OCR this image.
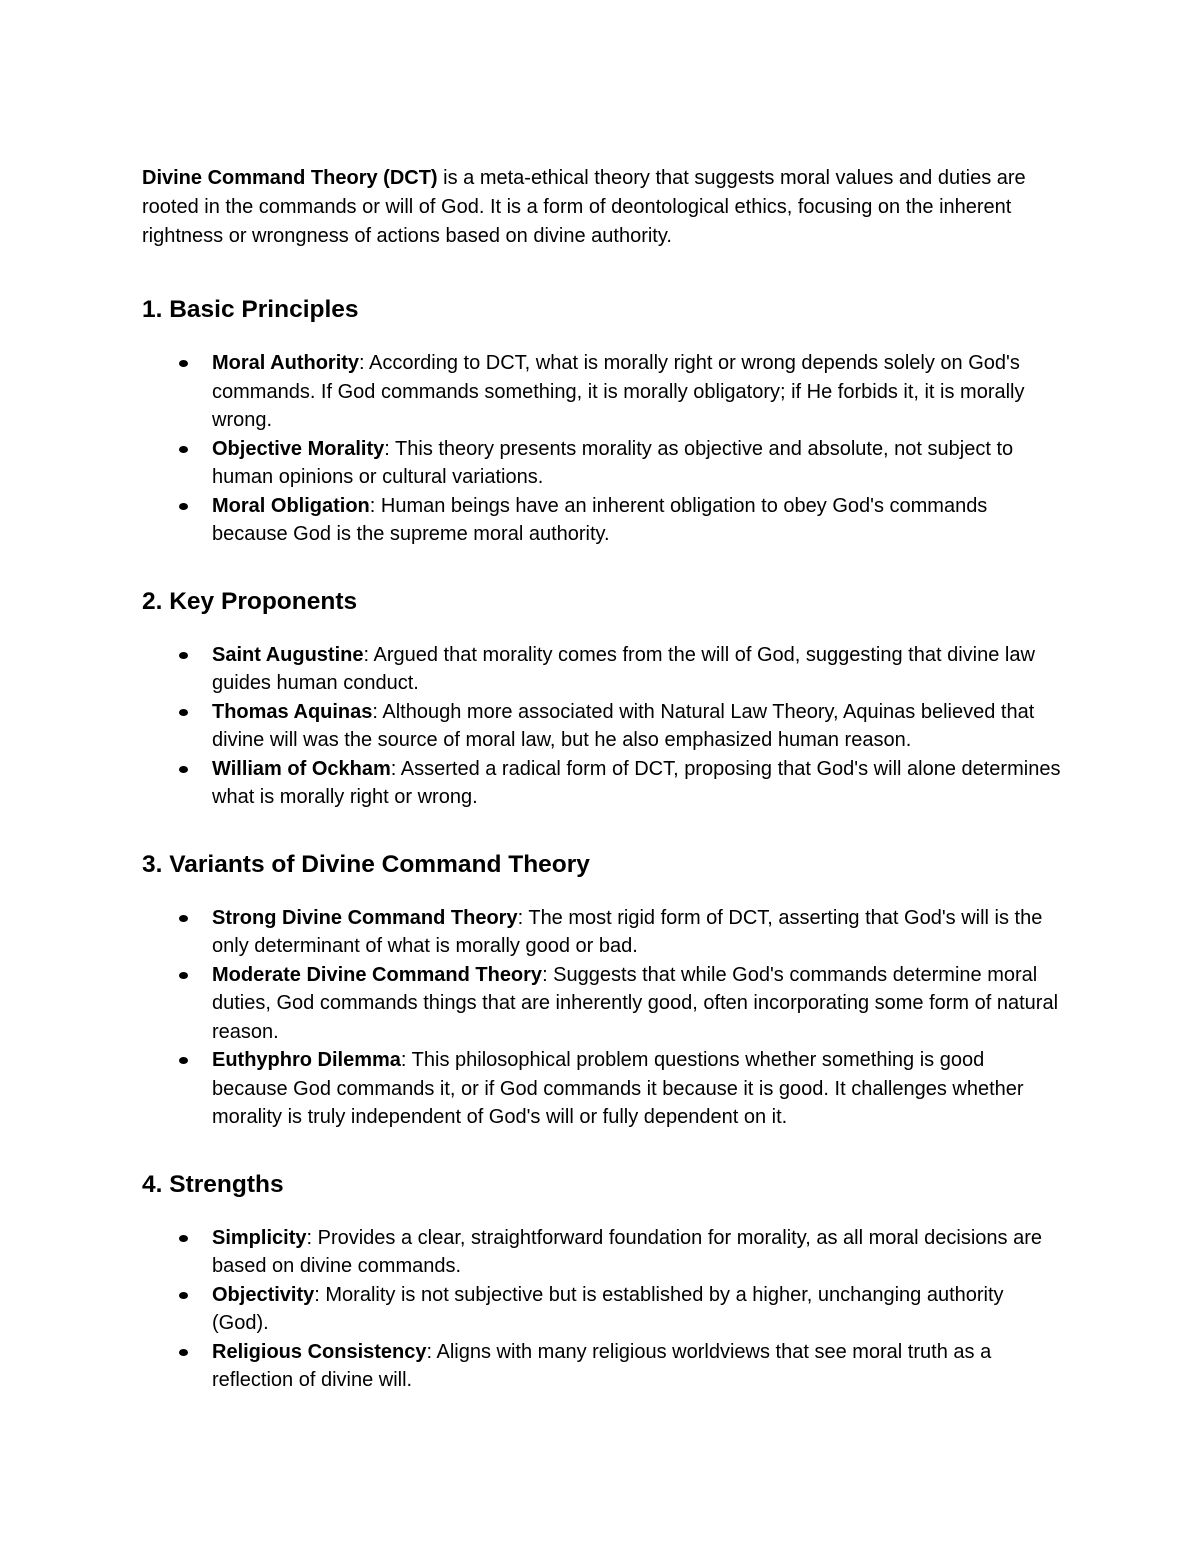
Divine Command Theory (DCT) is a meta-ethical theory that suggests moral values and duties are rooted in the commands or will of God. It is a form of deontological ethics, focusing on the inherent rightness or wrongness of actions based on divine authority.

1. Basic Principles
Moral Authority: According to DCT, what is morally right or wrong depends solely on God's commands. If God commands something, it is morally obligatory; if He forbids it, it is morally wrong.
Objective Morality: This theory presents morality as objective and absolute, not subject to human opinions or cultural variations.
Moral Obligation: Human beings have an inherent obligation to obey God's commands because God is the supreme moral authority.
2. Key Proponents
Saint Augustine: Argued that morality comes from the will of God, suggesting that divine law guides human conduct.
Thomas Aquinas: Although more associated with Natural Law Theory, Aquinas believed that divine will was the source of moral law, but he also emphasized human reason.
William of Ockham: Asserted a radical form of DCT, proposing that God's will alone determines what is morally right or wrong.
3. Variants of Divine Command Theory
Strong Divine Command Theory: The most rigid form of DCT, asserting that God's will is the only determinant of what is morally good or bad.
Moderate Divine Command Theory: Suggests that while God's commands determine moral duties, God commands things that are inherently good, often incorporating some form of natural reason.
Euthyphro Dilemma: This philosophical problem questions whether something is good because God commands it, or if God commands it because it is good. It challenges whether morality is truly independent of God's will or fully dependent on it.
4. Strengths
Simplicity: Provides a clear, straightforward foundation for morality, as all moral decisions are based on divine commands.
Objectivity: Morality is not subjective but is established by a higher, unchanging authority (God).
Religious Consistency: Aligns with many religious worldviews that see moral truth as a reflection of divine will.
